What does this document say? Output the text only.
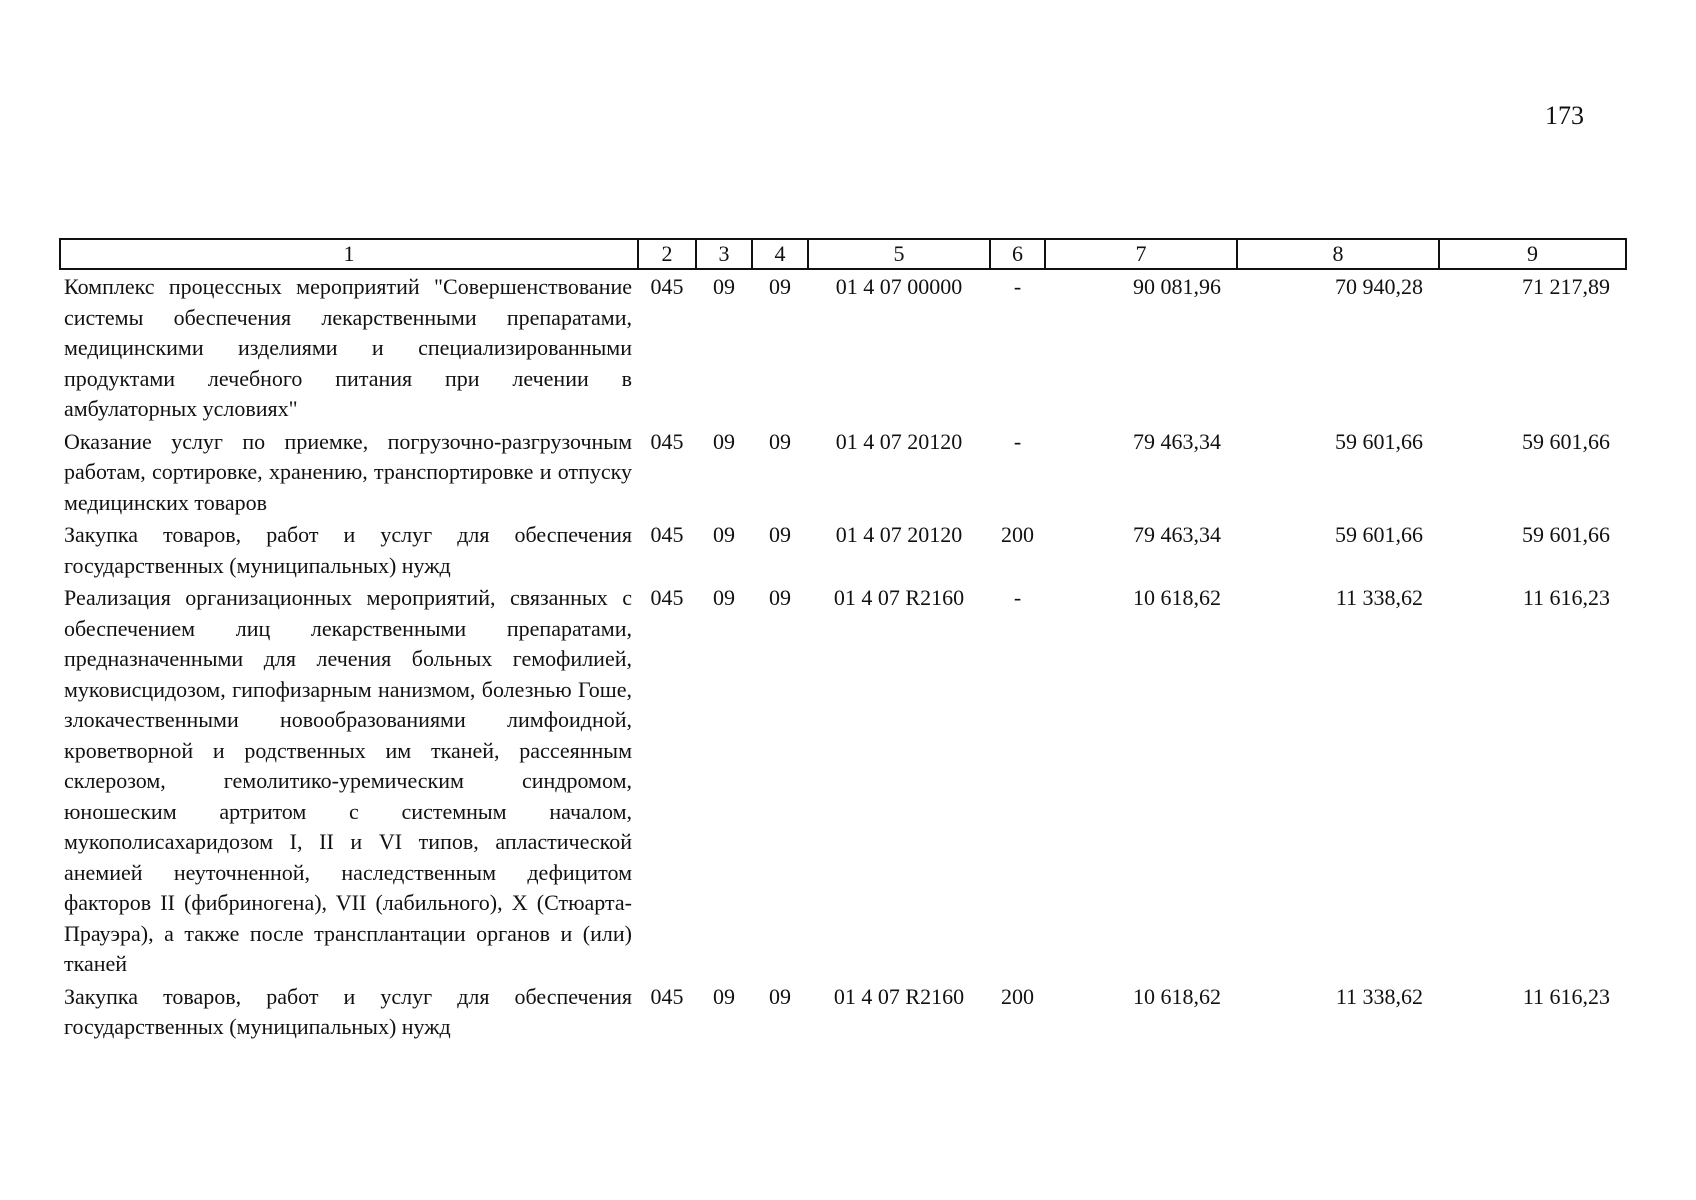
173
1	2	3	4	5	6	7	8	9
Комплекс процессных мероприятий "Совершенствование системы обеспечения лекарственными препаратами, медицинскими изделиями и специализированными продуктами лечебного питания при лечении в амбулаторных условиях"	045	09	09	01 4 07 00000	-	90 081,96	70 940,28	71 217,89
Оказание услуг по приемке, погрузочно-разгрузочным работам, сортировке, хранению, транспортировке и отпуску медицинских товаров	045	09	09	01 4 07 20120	-	79 463,34	59 601,66	59 601,66
Закупка товаров, работ и услуг для обеспечения государственных (муниципальных) нужд	045	09	09	01 4 07 20120	200	79 463,34	59 601,66	59 601,66
Реализация организационных мероприятий, связанных с обеспечением лиц лекарственными препаратами, предназначенными для лечения больных гемофилией, муковисцидозом, гипофизарным нанизмом, болезнью Гоше, злокачественными новообразованиями лимфоидной, кроветворной и родственных им тканей, рассеянным склерозом, гемолитико-уремическим синдромом, юношеским артритом с системным началом, мукополисахаридозом I, II и VI типов, апластической анемией неуточненной, наследственным дефицитом факторов II (фибриногена), VII (лабильного), X (Стюарта-Прауэра), а также после трансплантации органов и (или) тканей	045	09	09	01 4 07 R2160	-	10 618,62	11 338,62	11 616,23
Закупка товаров, работ и услуг для обеспечения государственных (муниципальных) нужд	045	09	09	01 4 07 R2160	200	10 618,62	11 338,62	11 616,23
